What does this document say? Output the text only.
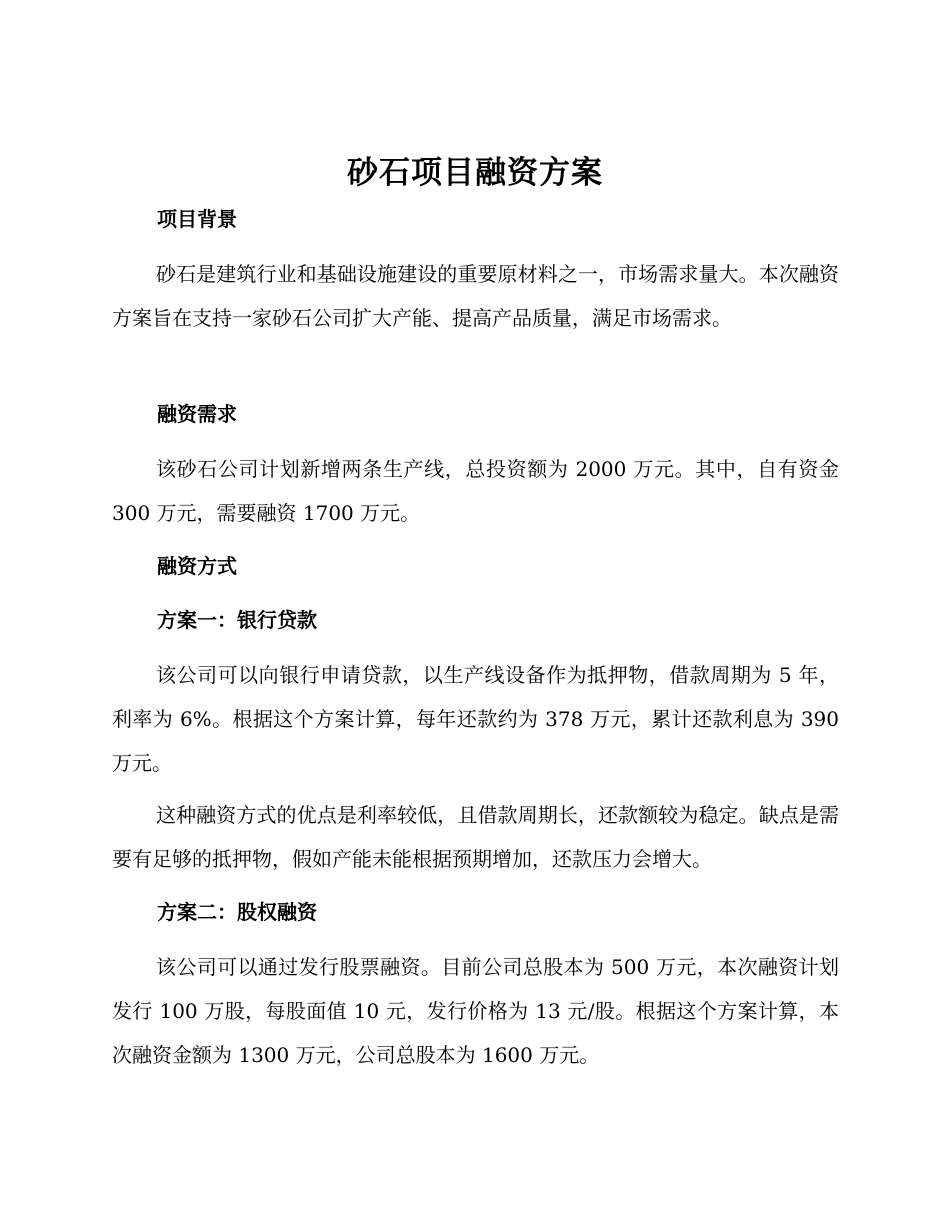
砂石项目融资方案
项目背景

砂石是建筑行业和基础设施建设的重要原材料之一，市场需求量大。本次融资方案旨在支持一家砂石公司扩大产能、提高产品质量，满足市场需求。

融资需求

该砂石公司计划新增两条生产线，总投资额为 2000 万元。其中，自有资金 300 万元，需要融资 1700 万元。

融资方式
方案一：银行贷款

该公司可以向银行申请贷款，以生产线设备作为抵押物，借款周期为 5 年，利率为 6%。根据这个方案计算，每年还款约为 378 万元，累计还款利息为 390 万元。

这种融资方式的优点是利率较低，且借款周期长，还款额较为稳定。缺点是需要有足够的抵押物，假如产能未能根据预期增加，还款压力会增大。

方案二：股权融资

该公司可以通过发行股票融资。目前公司总股本为 500 万元，本次融资计划发行 100 万股，每股面值 10 元，发行价格为 13 元/股。根据这个方案计算，本次融资金额为 1300 万元，公司总股本为 1600 万元。
